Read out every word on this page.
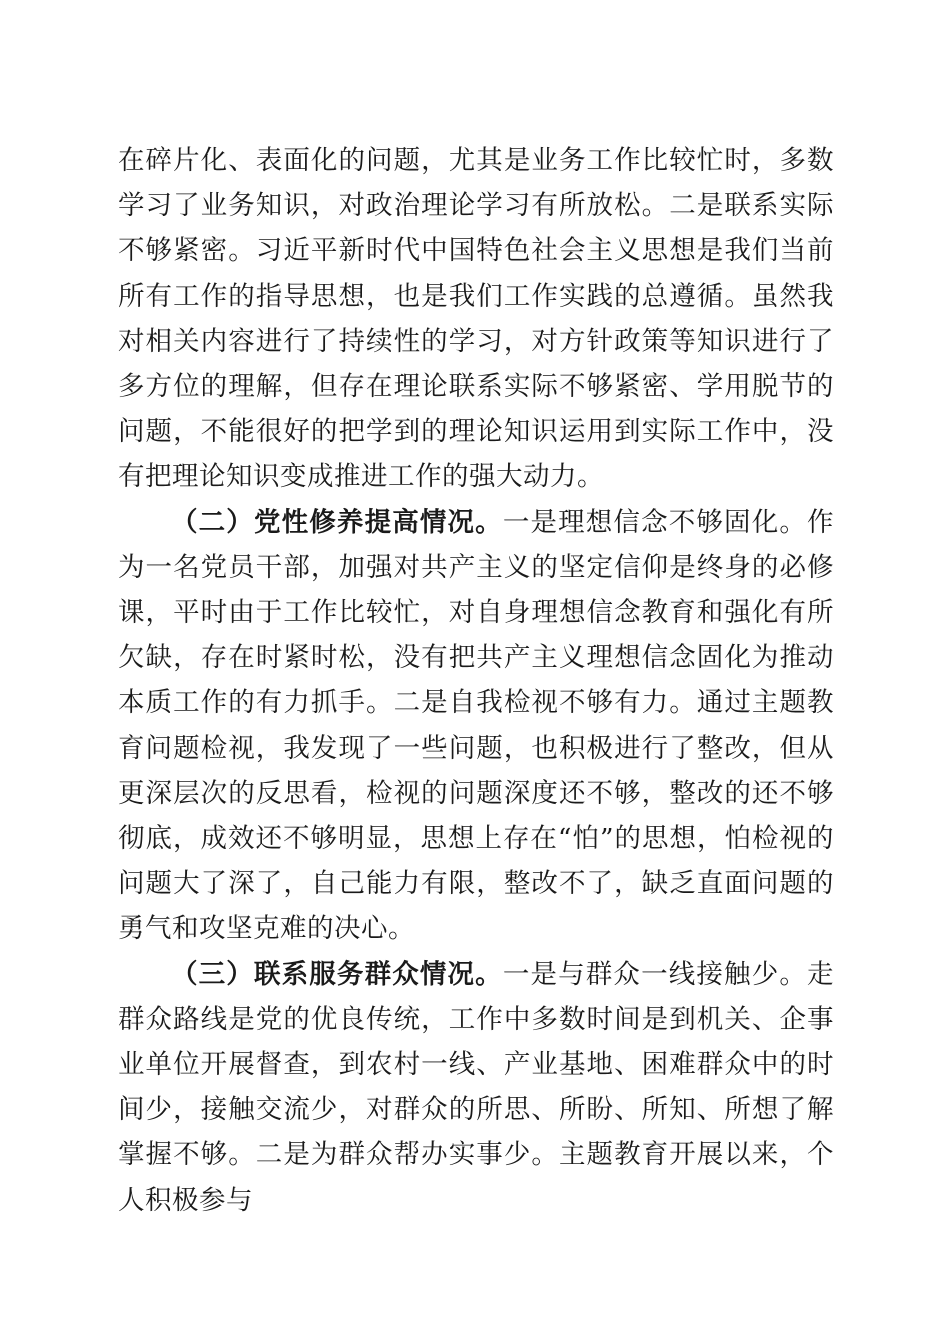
在碎片化、表面化的问题，尤其是业务工作比较忙时，多数学习了业务知识，对政治理论学习有所放松。二是联系实际不够紧密。习近平新时代中国特色社会主义思想是我们当前所有工作的指导思想，也是我们工作实践的总遵循。虽然我对相关内容进行了持续性的学习，对方针政策等知识进行了多方位的理解，但存在理论联系实际不够紧密、学用脱节的问题，不能很好的把学到的理论知识运用到实际工作中，没有把理论知识变成推进工作的强大动力。

（二）党性修养提高情况。一是理想信念不够固化。作为一名党员干部，加强对共产主义的坚定信仰是终身的必修课，平时由于工作比较忙，对自身理想信念教育和强化有所欠缺，存在时紧时松，没有把共产主义理想信念固化为推动本质工作的有力抓手。二是自我检视不够有力。通过主题教育问题检视，我发现了一些问题，也积极进行了整改，但从更深层次的反思看，检视的问题深度还不够，整改的还不够彻底，成效还不够明显，思想上存在“怕”的思想，怕检视的问题大了深了，自己能力有限，整改不了，缺乏直面问题的勇气和攻坚克难的决心。

（三）联系服务群众情况。一是与群众一线接触少。走群众路线是党的优良传统，工作中多数时间是到机关、企事业单位开展督查，到农村一线、产业基地、困难群众中的时间少，接触交流少，对群众的所思、所盼、所知、所想了解掌握不够。二是为群众帮办实事少。主题教育开展以来，个人积极参与
